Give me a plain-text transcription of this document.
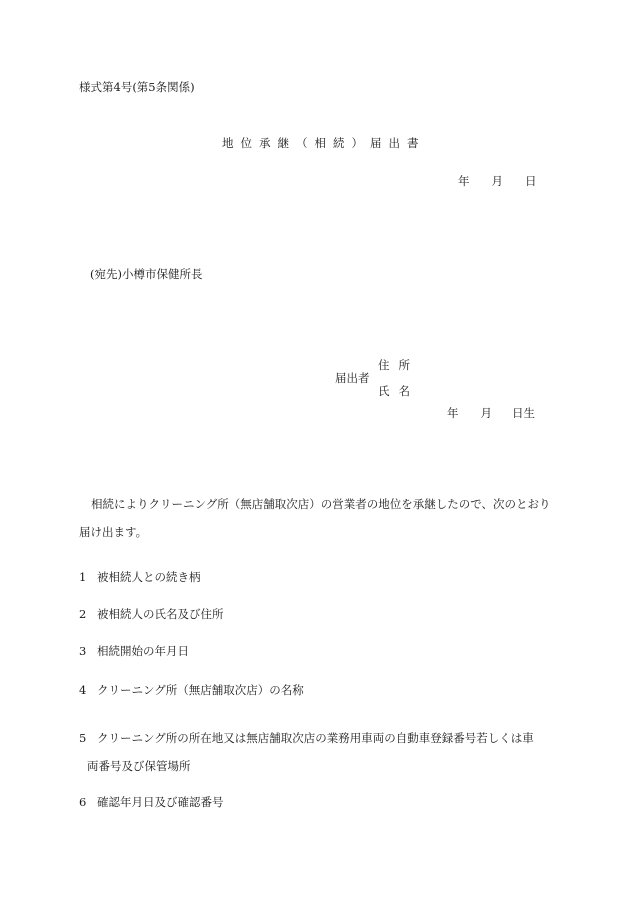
様式第4号(第5条関係)
地位承継（相続）届出書
年 月 日
(宛先)小樽市保健所長
届出者
住所
氏名
年 月 日生
相続によりクリーニング所（無店舗取次店）の営業者の地位を承継したので、次のとおり届け出ます。
1 被相続人との続き柄
2 被相続人の氏名及び住所
3 相続開始の年月日
4 クリーニング所（無店舗取次店）の名称
5 クリーニング所の所在地又は無店舗取次店の業務用車両の自動車登録番号若しくは車
両番号及び保管場所
6 確認年月日及び確認番号
